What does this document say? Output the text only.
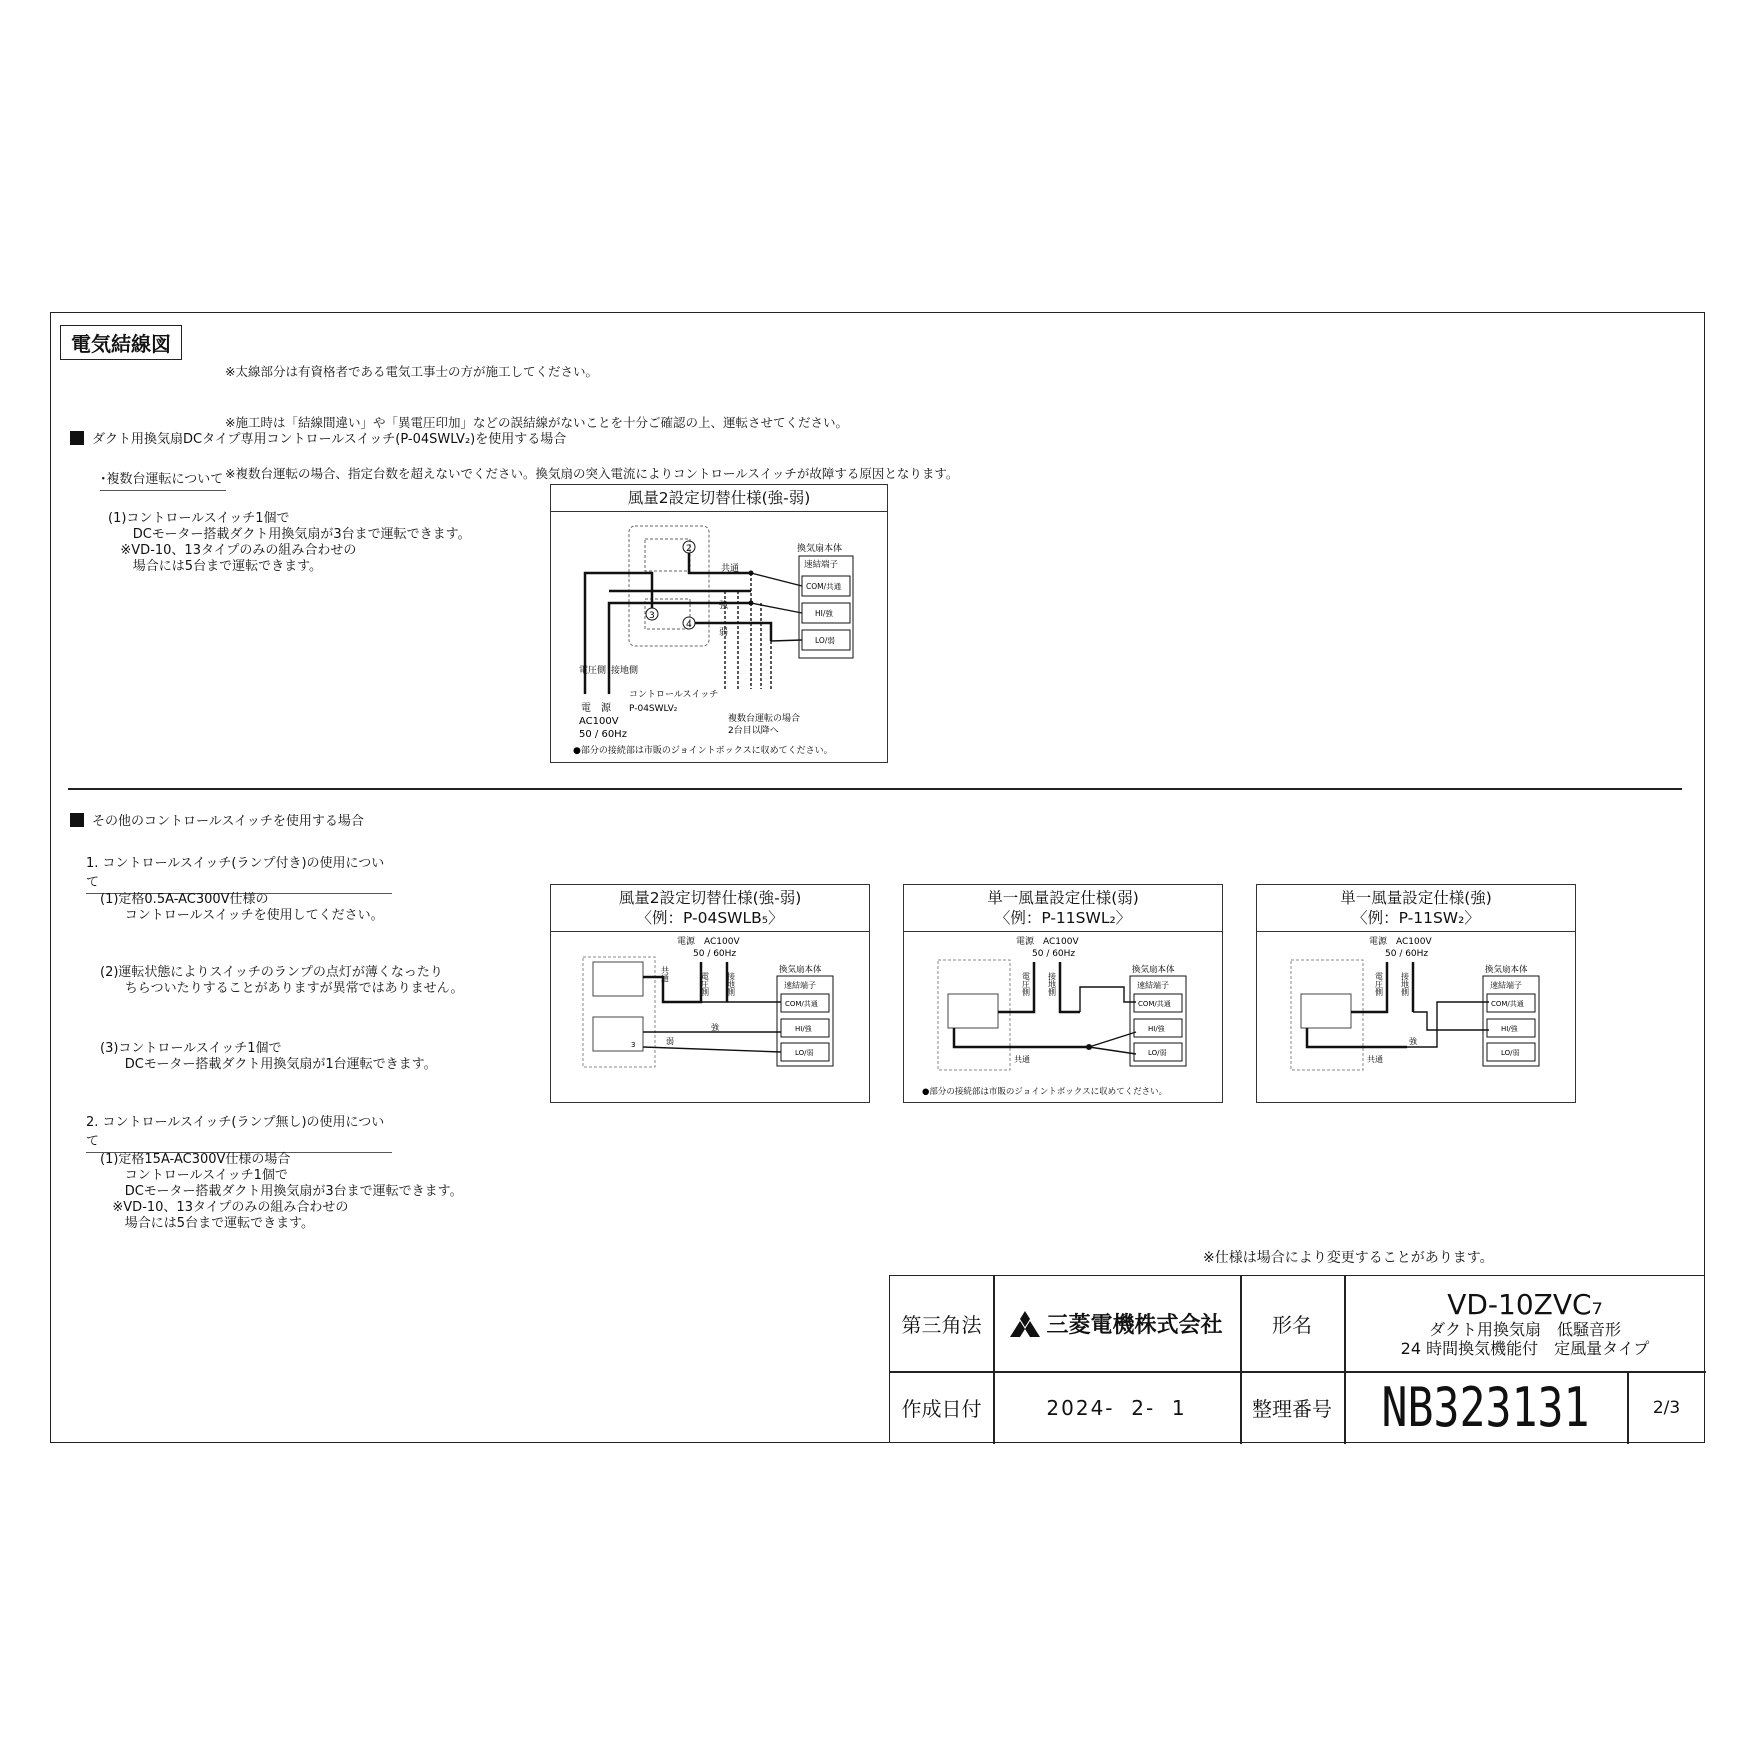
電気結線図

※太線部分は有資格者である電気工事士の方が施工してください。

※施工時は「結線間違い」や「異電圧印加」などの誤結線がないことを十分ご確認の上、運転させてください。

※複数台運転の場合、指定台数を超えないでください。換気扇の突入電流によりコントロールスイッチが故障する原因となります。

ダクト用換気扇DCタイプ専用コントロールスイッチ(P-04SWLV₂)を使用する場合
･複数台運転について
(1)コントロールスイッチ1個で
DCモーター搭載ダクト用換気扇が3台まで運転できます。
※VD-10、13タイプのみの組み合わせの
場合には5台まで運転できます。
風量2設定切替仕様(強-弱)
2
3
4
換気扇本体
速結端子
COM/共通
HI/強
LO/弱
共通
強
弱
電圧側 接地側
コントロールスイッチ
P-04SWLV₂
電　源
AC100V
50 / 60Hz
複数台運転の場合
2台目以降へ
●部分の接続部は市販のジョイントボックスに収めてください。
その他のコントロールスイッチを使用する場合
1. コントロールスイッチ(ランプ付き)の使用について
(1)定格0.5A-AC300V仕様の
コントロールスイッチを使用してください。
(2)運転状態によりスイッチのランプの点灯が薄くなったり
ちらついたりすることがありますが異常ではありません。
(3)コントロールスイッチ1個で
DCモーター搭載ダクト用換気扇が1台運転できます。
2. コントロールスイッチ(ランプ無し)の使用について
(1)定格15A-AC300V仕様の場合
コントロールスイッチ1個で
DCモーター搭載ダクト用換気扇が3台まで運転できます。
※VD-10、13タイプのみの組み合わせの
場合には5台まで運転できます。
風量2設定切替仕様(強-弱)
〈例：P-04SWLB₅〉
3
電源　AC100V
50 / 60Hz
共通	電圧側 接地側
強
弱
換気扇本体
速結端子
COM/共通
HI/強
LO/弱
単一風量設定仕様(弱)
〈例：P-11SWL₂〉
電源　AC100V
50 / 60Hz
電圧側 接地側
共通
換気扇本体
速結端子
COM/共通
HI/強
LO/弱
●部分の接続部は市販のジョイントボックスに収めてください。
単一風量設定仕様(強)
〈例：P-11SW₂〉
電源　AC100V
50 / 60Hz
電圧側 接地側
共通
強
換気扇本体
速結端子
COM/共通
HI/強
LO/弱
※仕様は場合により変更することがあります。
第三角法	三菱電機株式会社	形名
VD-10ZVC₇
ダクト用換気扇　低騒音形
24 時間換気機能付　定風量タイプ
作成日付	2024-  2-  1	整理番号 NB323131	2/3
